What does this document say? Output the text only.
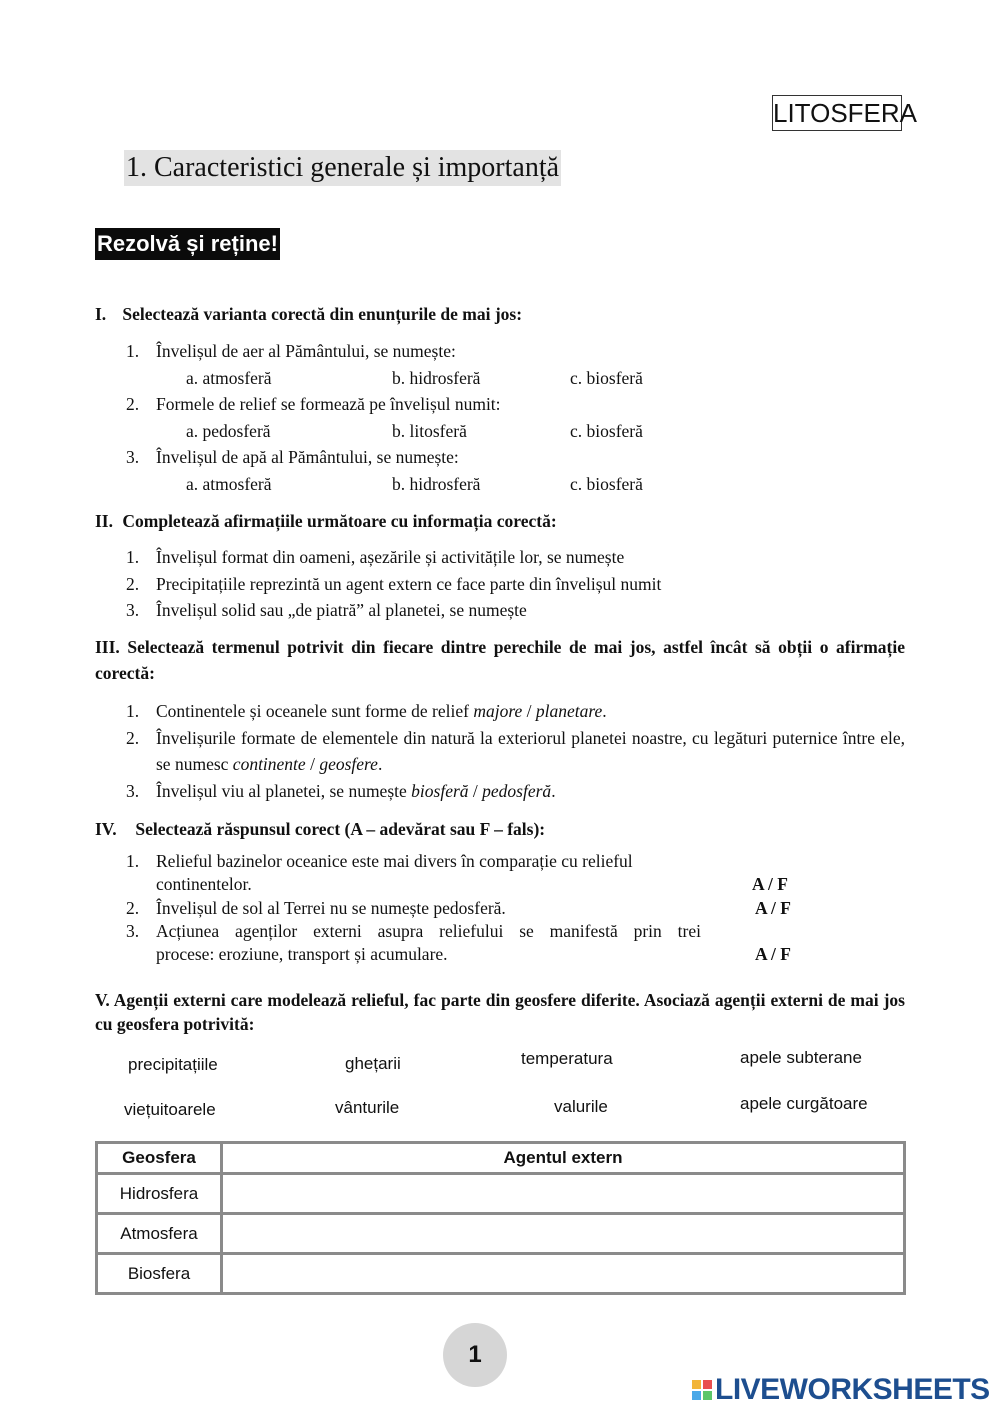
LITOSFERA
1. Caracteristici generale și importanță
Rezolvă și reține!
I. Selectează varianta corectă din enunțurile de mai jos:
1. Învelișul de aer al Pământului, se numește:
a. atmosferă	b. hidrosferă	c. biosferă
2. Formele de relief se formează pe învelișul numit:
a. pedosferă	b. litosferă	c. biosferă
3. Învelișul de apă al Pământului, se numește:
a. atmosferă	b. hidrosferă	c. biosferă
II. Completează afirmațiile următoare cu informația corectă:
1. Învelișul format din oameni, așezările și activitățile lor, se numește
2. Precipitațiile reprezintă un agent extern ce face parte din învelișul numit
3. Învelișul solid sau „de piatră” al planetei, se numește
III. Selectează termenul potrivit din fiecare dintre perechile de mai jos, astfel încât să obții o afirmație corectă:
1. Continentele și oceanele sunt forme de relief majore / planetare.
2. Învelișurile formate de elementele din natură la exteriorul planetei noastre, cu legături puternice între ele, se numesc continente / geosfere.
3. Învelișul viu al planetei, se numește biosferă / pedosferă.
IV. Selectează răspunsul corect (A – adevărat sau F – fals):
1. Relieful bazinelor oceanice este mai divers în comparație cu relieful
continentelor.	A / F
2. Învelișul de sol al Terrei nu se numește pedosferă.	A / F
3. Acțiunea agenților externi asupra reliefului se manifestă prin trei
procese: eroziune, transport și acumulare.	A / F
V. Agenții externi care modelează relieful, fac parte din geosfere diferite. Asociază agenții externi de mai jos cu geosfera potrivită:
precipitațiile	ghețarii	temperatura	apele subterane
viețuitoarele	vânturile	valurile	apele curgătoare
Geosfera	Agentul extern
Hidrosfera	
Atmosfera	
Biosfera	
1
LIVEWORKSHEETS
